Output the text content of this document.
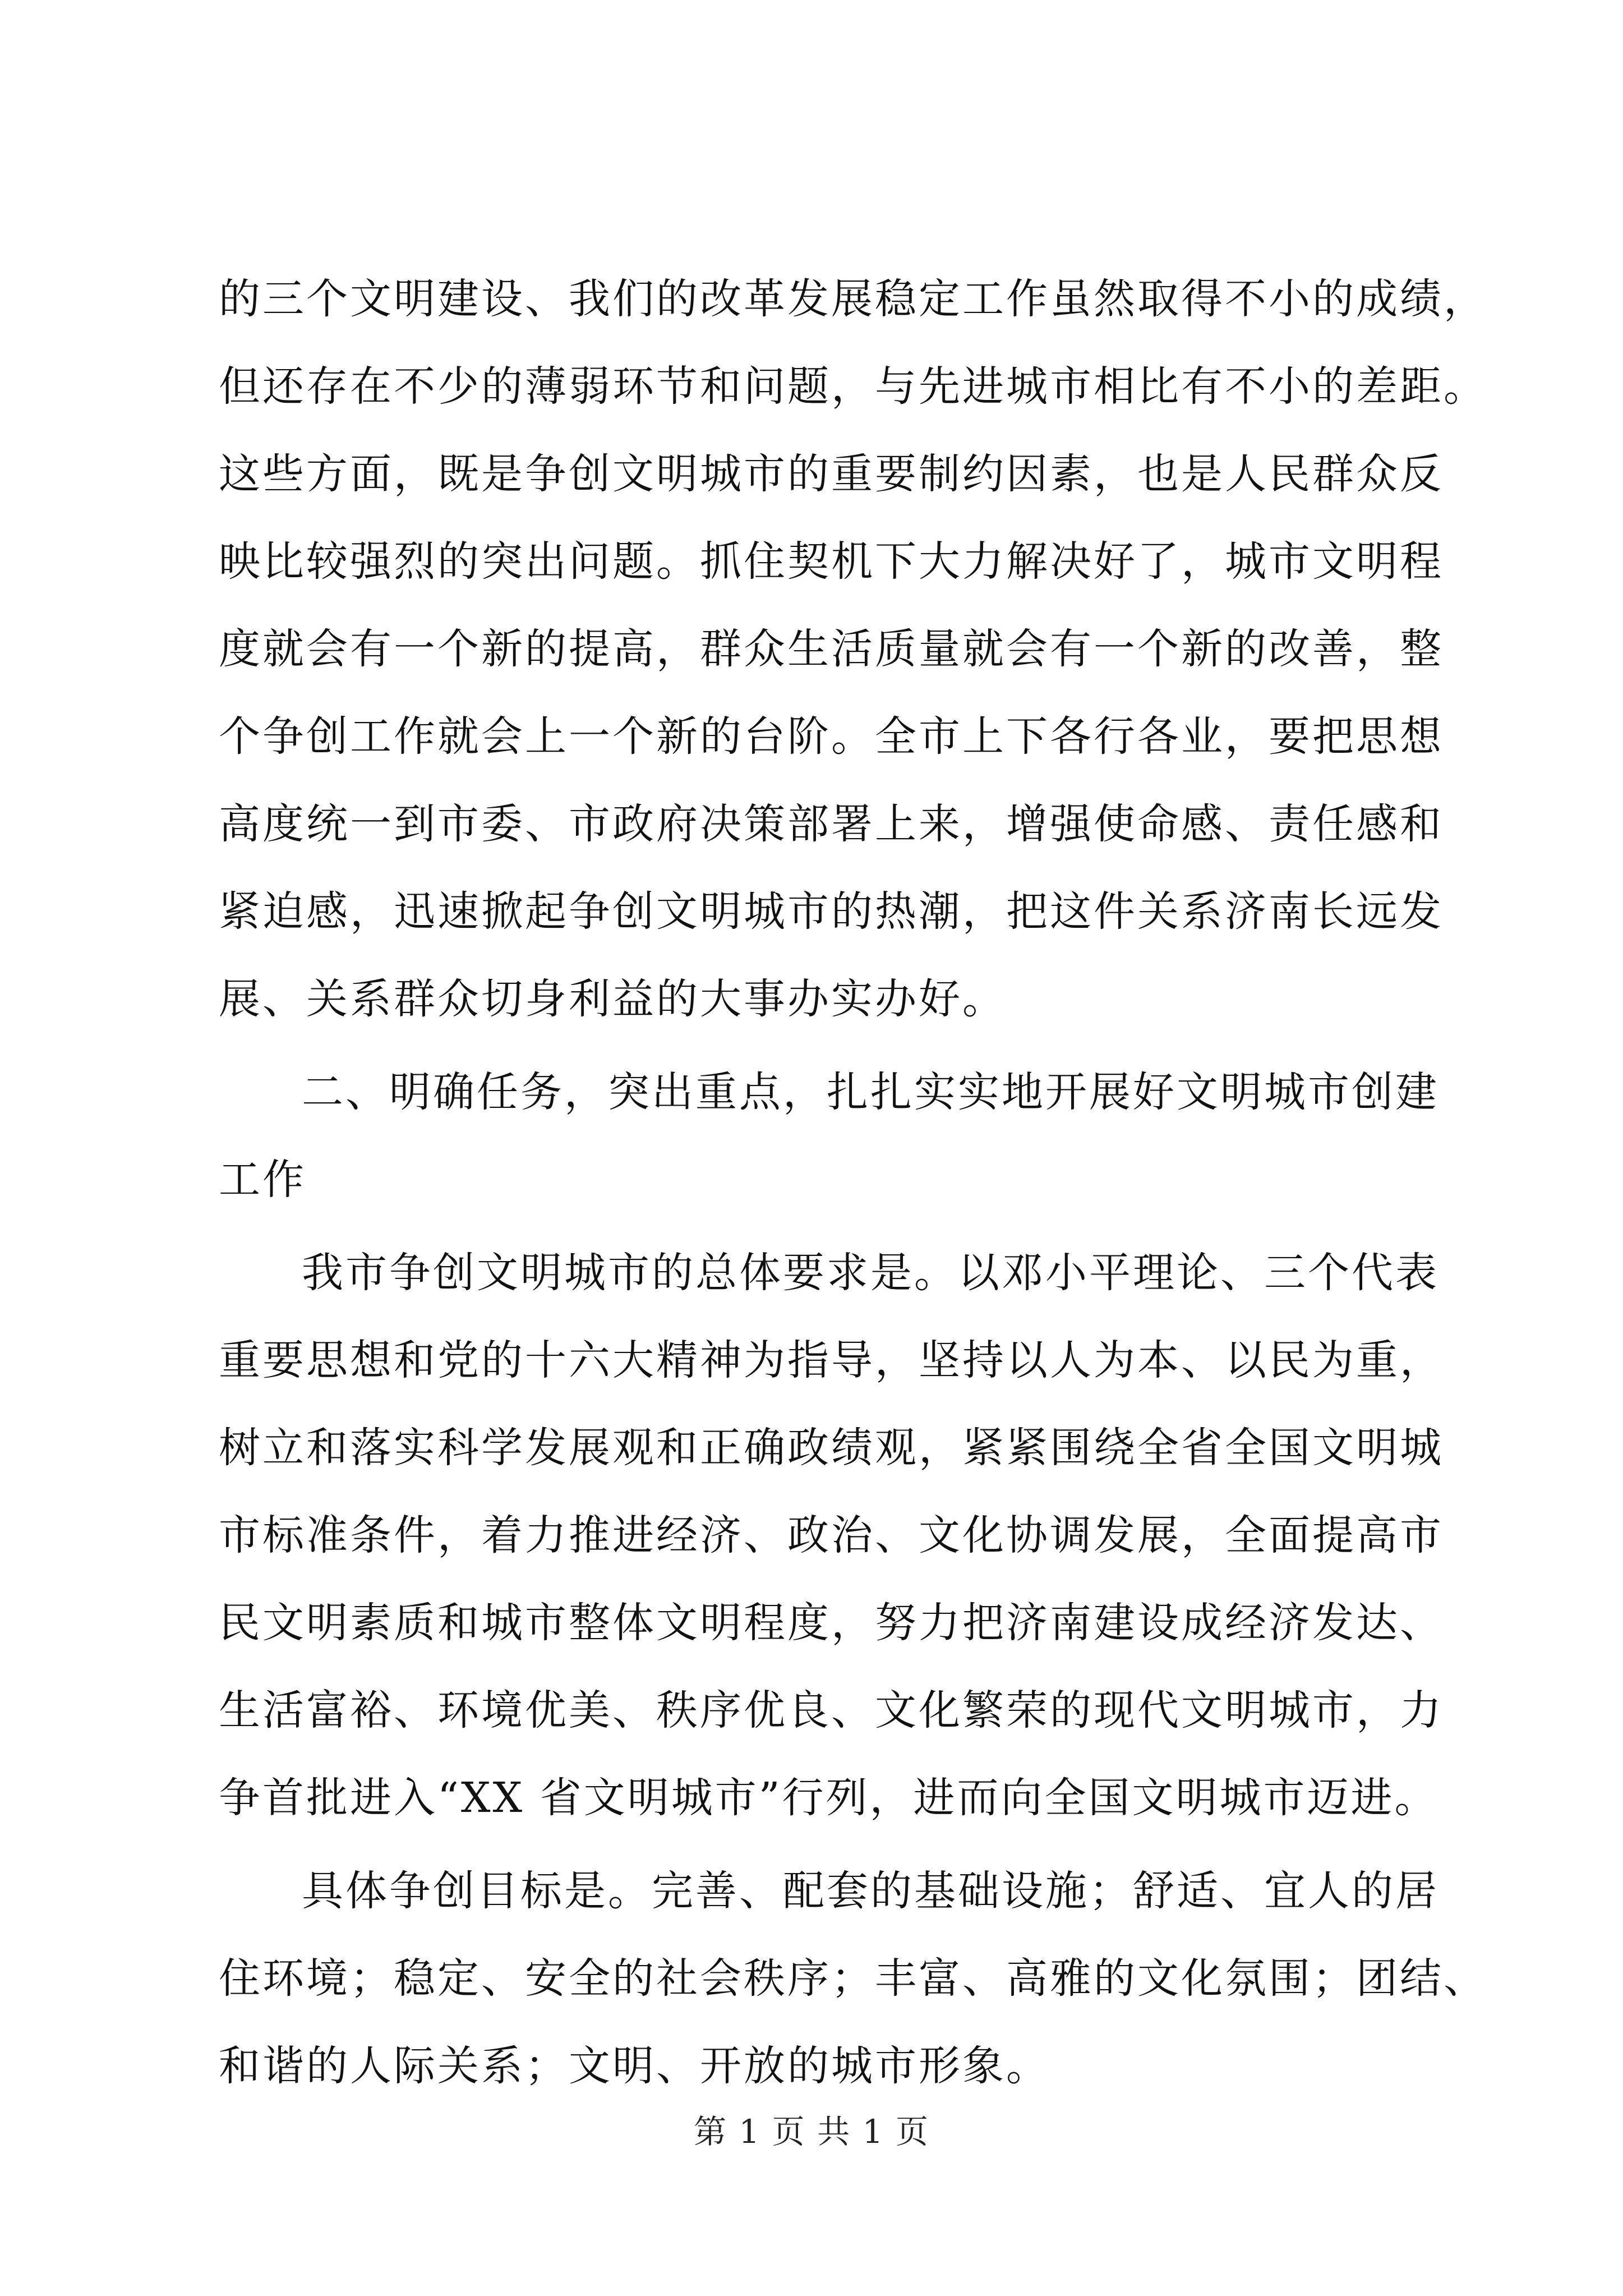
的三个文明建设、我们的改革发展稳定工作虽然取得不小的成绩，
但还存在不少的薄弱环节和问题，与先进城市相比有不小的差距。
这些方面，既是争创文明城市的重要制约因素，也是人民群众反
映比较强烈的突出问题。抓住契机下大力解决好了，城市文明程
度就会有一个新的提高，群众生活质量就会有一个新的改善，整
个争创工作就会上一个新的台阶。全市上下各行各业，要把思想
高度统一到市委、市政府决策部署上来，增强使命感、责任感和
紧迫感，迅速掀起争创文明城市的热潮，把这件关系济南长远发
展、关系群众切身利益的大事办实办好。
二、明确任务，突出重点，扎扎实实地开展好文明城市创建
工作
我市争创文明城市的总体要求是。以邓小平理论、三个代表
重要思想和党的十六大精神为指导，坚持以人为本、以民为重，
树立和落实科学发展观和正确政绩观，紧紧围绕全省全国文明城
市标准条件，着力推进经济、政治、文化协调发展，全面提高市
民文明素质和城市整体文明程度，努力把济南建设成经济发达、
生活富裕、环境优美、秩序优良、文化繁荣的现代文明城市，力
争首批进入“XX 省文明城市”行列，进而向全国文明城市迈进。
具体争创目标是。完善、配套的基础设施；舒适、宜人的居
住环境；稳定、安全的社会秩序；丰富、高雅的文化氛围；团结、
和谐的人际关系；文明、开放的城市形象。
第 1 页 共 1 页
